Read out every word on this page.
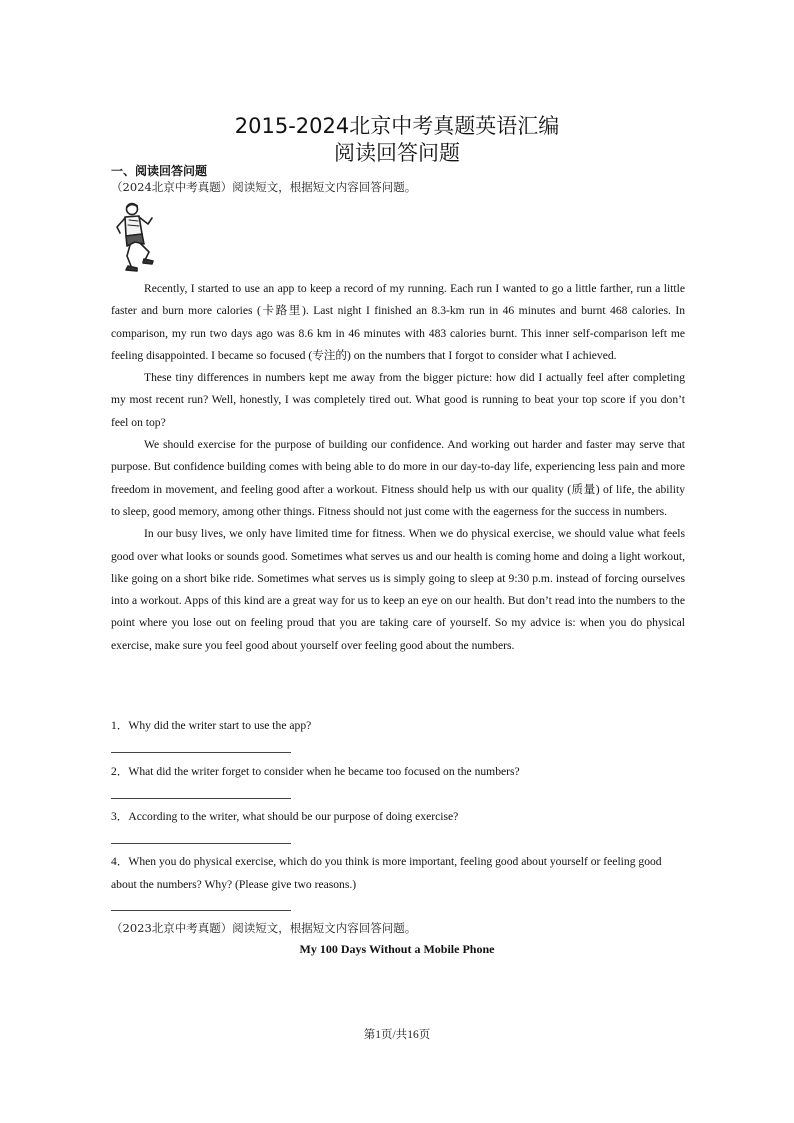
2015-2024北京中考真题英语汇编
阅读回答问题
一、阅读回答问题
（2024北京中考真题）阅读短文，根据短文内容回答问题。

Recently, I started to use an app to keep a record of my running. Each run I wanted to go a little farther, run a little faster and burn more calories (卡路里). Last night I finished an 8.3-km run in 46 minutes and burnt 468 calories. In comparison, my run two days ago was 8.6 km in 46 minutes with 483 calories burnt. This inner self-comparison left me feeling disappointed. I became so focused (专注的) on the numbers that I forgot to consider what I achieved.

These tiny differences in numbers kept me away from the bigger picture: how did I actually feel after completing my most recent run? Well, honestly, I was completely tired out. What good is running to beat your top score if you don’t feel on top?

We should exercise for the purpose of building our confidence. And working out harder and faster may serve that purpose. But confidence building comes with being able to do more in our day-to-day life, experiencing less pain and more freedom in movement, and feeling good after a workout. Fitness should help us with our quality (质量) of life, the ability to sleep, good memory, among other things. Fitness should not just come with the eagerness for the success in numbers.

In our busy lives, we only have limited time for fitness. When we do physical exercise, we should value what feels good over what looks or sounds good. Sometimes what serves us and our health is coming home and doing a light workout, like going on a short bike ride. Sometimes what serves us is simply going to sleep at 9:30 p.m. instead of forcing ourselves into a workout. Apps of this kind are a great way for us to keep an eye on our health. But don’t read into the numbers to the point where you lose out on feeling proud that you are taking care of yourself. So my advice is: when you do physical exercise, make sure you feel good about yourself over feeling good about the numbers.

1．Why did the writer start to use the app?
2．What did the writer forget to consider when he became too focused on the numbers?
3．According to the writer, what should be our purpose of doing exercise?
4．When you do physical exercise, which do you think is more important, feeling good about yourself or feeling good about the numbers? Why? (Please give two reasons.)
（2023北京中考真题）阅读短文，根据短文内容回答问题。
My 100 Days Without a Mobile Phone
第1页/共16页
